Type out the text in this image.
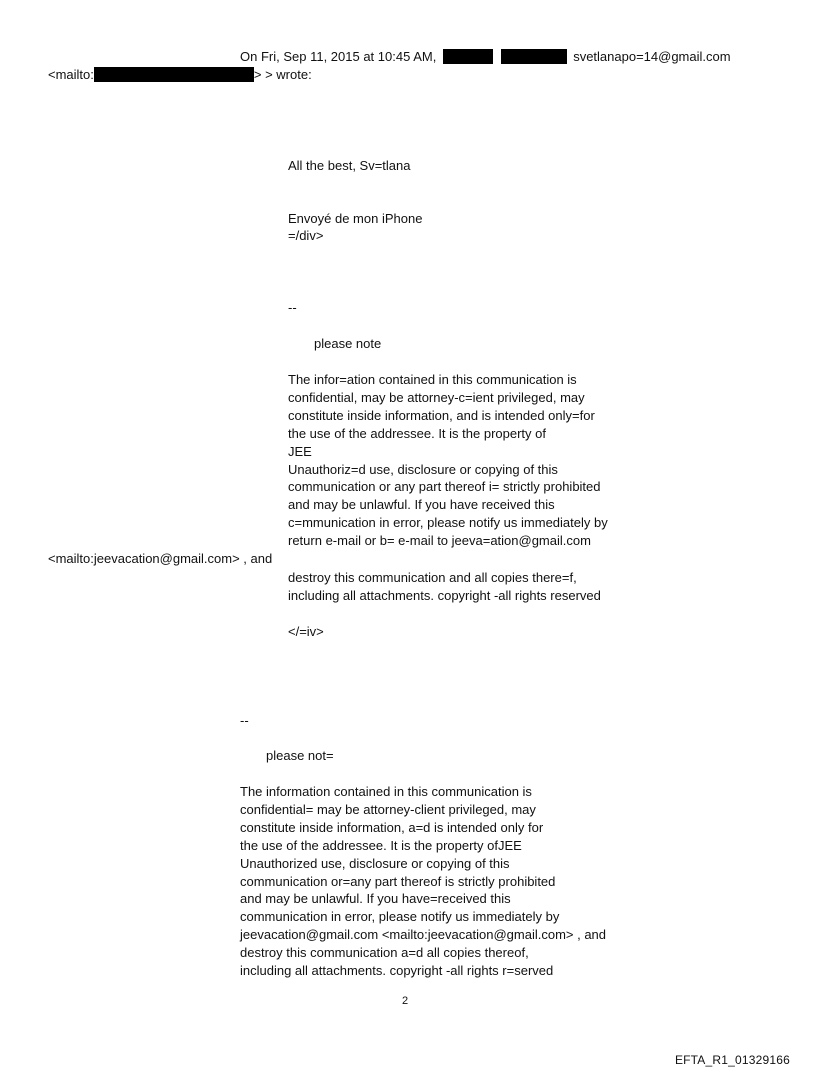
On Fri, Sep 11, 2015 at 10:45 AM,	svetlanapo=14@gmail.com
<mailto:	> > wrote:
All the best, Sv=tlana
Envoyé de mon iPhone
=/div>
--
please note
The infor=ation contained in this communication is
confidential, may be attorney-c=ient privileged, may
constitute inside information, and is intended only=for
the use of the addressee. It is the property of
JEE
Unauthoriz=d use, disclosure or copying of this
communication or any part thereof i= strictly prohibited
and may be unlawful. If you have received this
c=mmunication in error, please notify us immediately by
return e-mail or b= e-mail to jeeva=ation@gmail.com
<mailto:jeevacation@gmail.com> , and
destroy this communication and all copies there=f,
including all attachments. copyright -all rights reserved
</=iv>
--
please not=
The information contained in this communication is
confidential= may be attorney-client privileged, may
constitute inside information, a=d is intended only for
the use of the addressee. It is the property ofJEE
Unauthorized use, disclosure or copying of this
communication or=any part thereof is strictly prohibited
and may be unlawful. If you have=received this
communication in error, please notify us immediately by
jeevacation@gmail.com <mailto:jeevacation@gmail.com> , and
destroy this communication a=d all copies thereof,
including all attachments. copyright -all rights r=served
2
EFTA_R1_01329166
